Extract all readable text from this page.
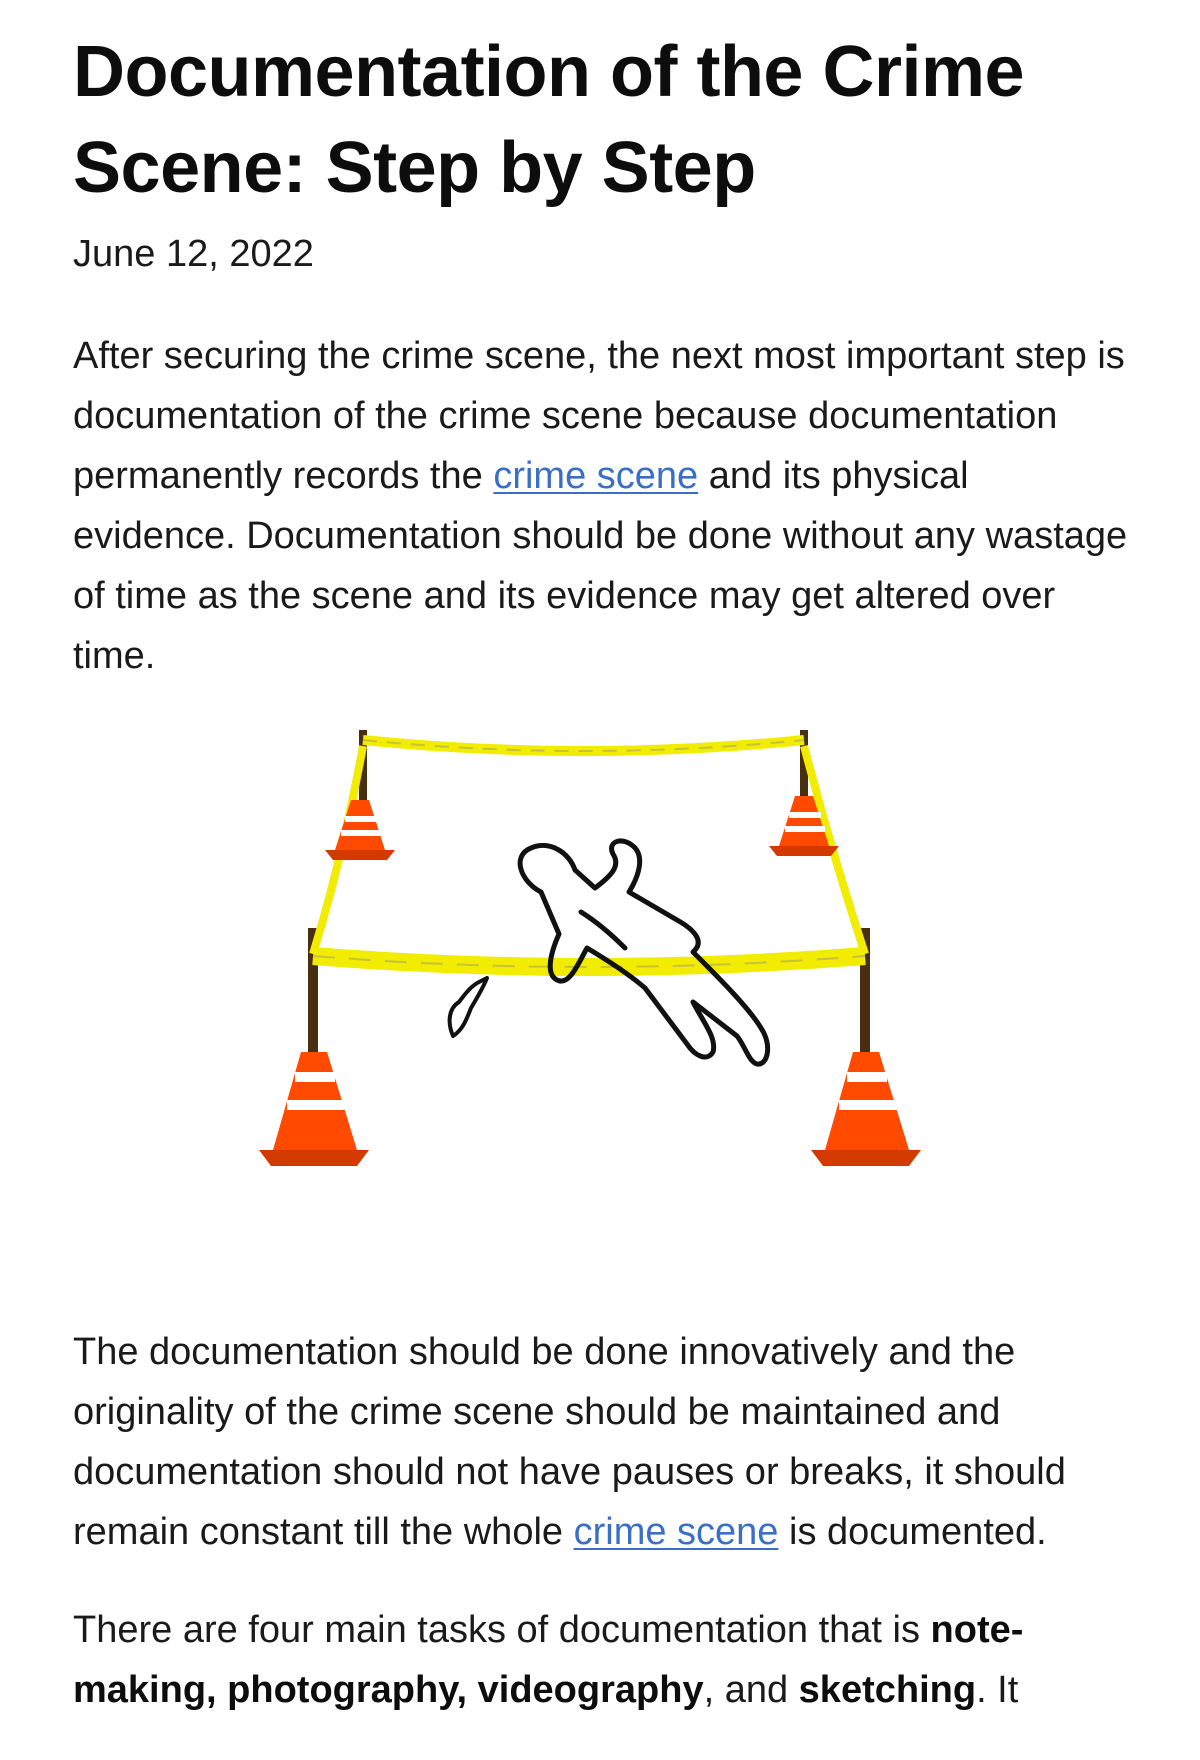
Documentation of the Crime Scene: Step by Step
June 12, 2022

After securing the crime scene, the next most important step is documentation of the crime scene because documentation permanently records the crime scene and its physical evidence. Documentation should be done without any wastage of time as the scene and its evidence may get altered over time.

The documentation should be done innovatively and the originality of the crime scene should be maintained and documentation should not have pauses or breaks, it should remain constant till the whole crime scene is documented.

There are four main tasks of documentation that is note-making, photography, videography, and sketching. It
